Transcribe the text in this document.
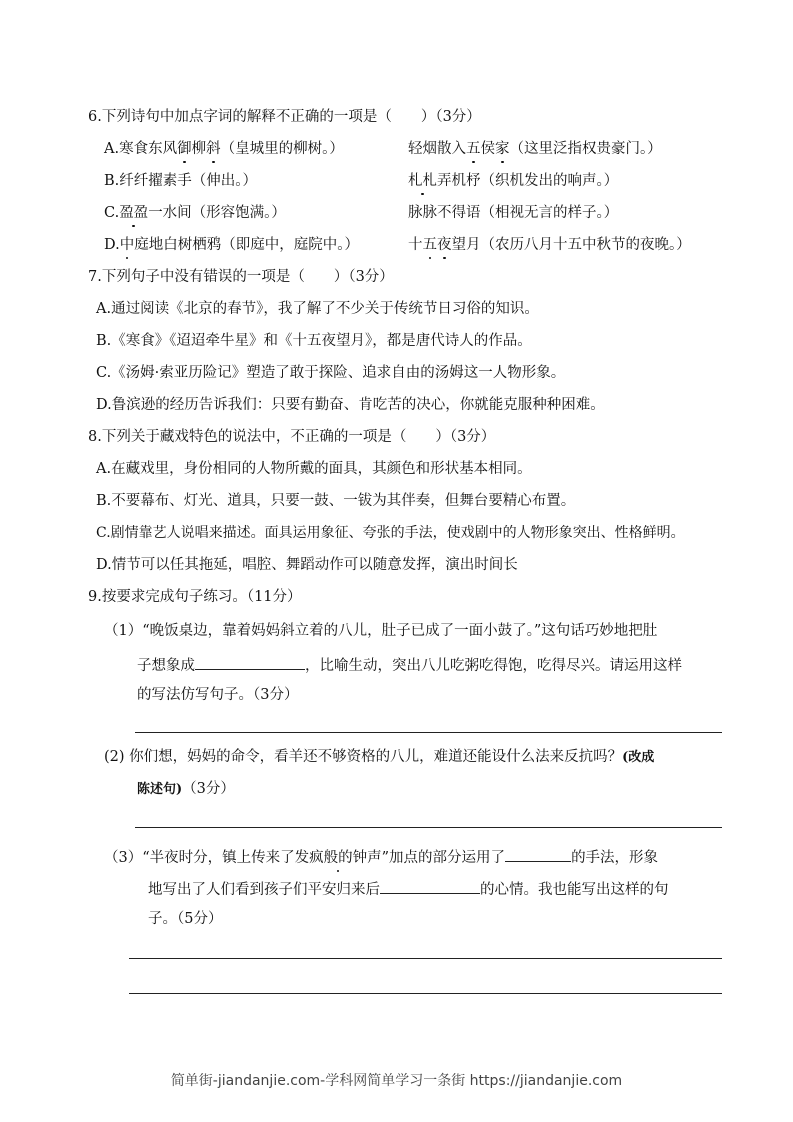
6.下列诗句中加点字词的解释不正确的一项是（　　）（3分）
A.寒食东风御柳斜（皇城里的柳树。）	轻烟散入五侯家（这里泛指权贵豪门。）
B.纤纤擢素手（伸出。）	札札弄机杼（织机发出的响声。）
C.盈盈一水间（形容饱满。）	脉脉不得语（相视无言的样子。）
D.中庭地白树栖鸦（即庭中，庭院中。）	十五夜望月（农历八月十五中秋节的夜晚。）
7.下列句子中没有错误的一项是（　　）（3分）
A.通过阅读《北京的春节》，我了解了不少关于传统节日习俗的知识。
B.《寒食》《迢迢牵牛星》和《十五夜望月》，都是唐代诗人的作品。
C.《汤姆·索亚历险记》塑造了敢于探险、追求自由的汤姆这一人物形象。
D.鲁滨逊的经历告诉我们：只要有勤奋、肯吃苦的决心，你就能克服种种困难。
8.下列关于藏戏特色的说法中，不正确的一项是（　　）（3分）
A.在藏戏里，身份相同的人物所戴的面具，其颜色和形状基本相同。
B.不要幕布、灯光、道具，只要一鼓、一钹为其伴奏，但舞台要精心布置。
C.剧情靠艺人说唱来描述。面具运用象征、夸张的手法，使戏剧中的人物形象突出、性格鲜明。
D.情节可以任其拖延，唱腔、舞蹈动作可以随意发挥，演出时间长
9.按要求完成句子练习。（11分）
（1）“晚饭桌边，靠着妈妈斜立着的八儿，肚子已成了一面小鼓了。”这句话巧妙地把肚
子想象成	，比喻生动，突出八儿吃粥吃得饱，吃得尽兴。请运用这样
的写法仿写句子。（3分）
(2) 你们想，妈妈的命令，看羊还不够资格的八儿，难道还能设什么法来反抗吗？(改成
陈述句)（3分）
（3）“半夜时分，镇上传来了发疯般的钟声”加点的部分运用了	的手法，形象
地写出了人们看到孩子们平安归来后	的心情。我也能写出这样的句
子。（5分）
简单街-jiandanjie.com-学科网简单学习一条街 https://jiandanjie.com
